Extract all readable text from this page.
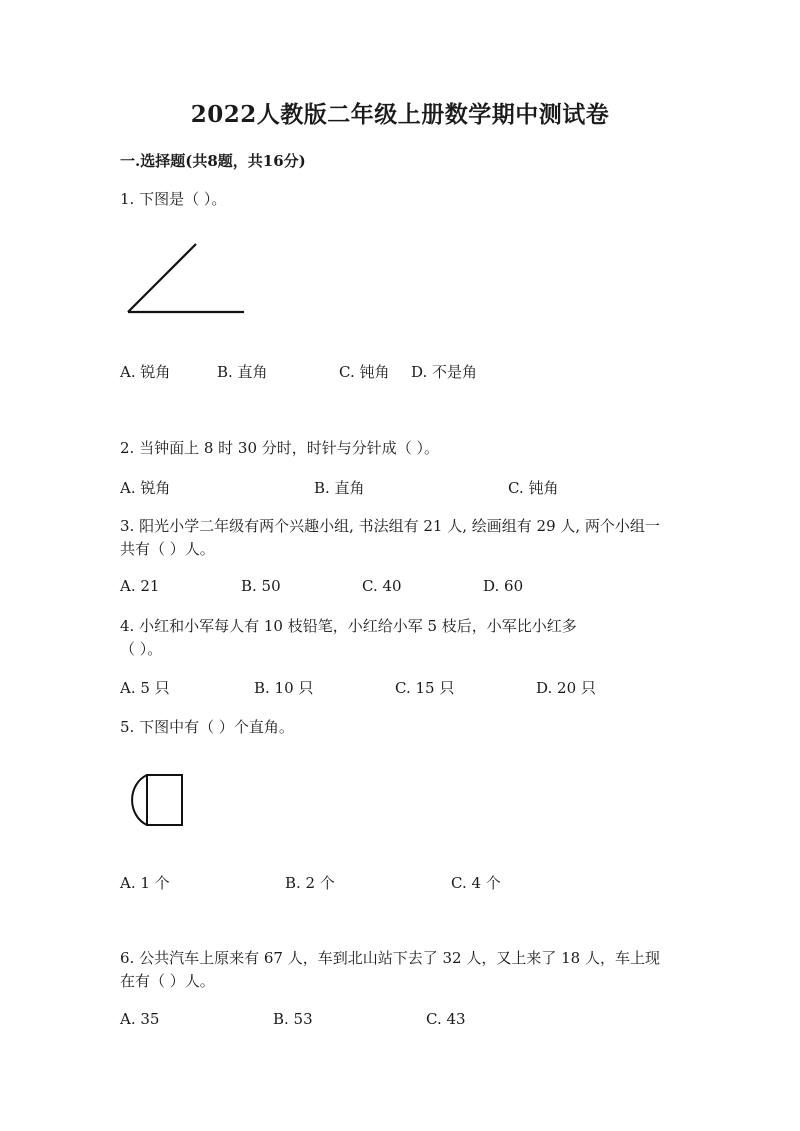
2022人教版二年级上册数学期中测试卷
一.选择题(共8题，共16分)
1. 下图是（ ）。
A. 锐角	B. 直角	C. 钝角 D. 不是角
2. 当钟面上 8 时 30 分时，时针与分针成（ ）。
A. 锐角	B. 直角	C. 钝角
3. 阳光小学二年级有两个兴趣小组, 书法组有 21 人, 绘画组有 29 人, 两个小组一
共有（ ）人。
A. 21	B. 50	C. 40	D. 60
4. 小红和小军每人有 10 枝铅笔，小红给小军 5 枝后，小军比小红多
（ ）。
A. 5 只	B. 10 只	C. 15 只	D. 20 只
5. 下图中有（ ）个直角。
A. 1 个	B. 2 个	C. 4 个
6. 公共汽车上原来有 67 人，车到北山站下去了 32 人，又上来了 18 人，车上现
在有（ ）人。
A. 35	B. 53	C. 43
